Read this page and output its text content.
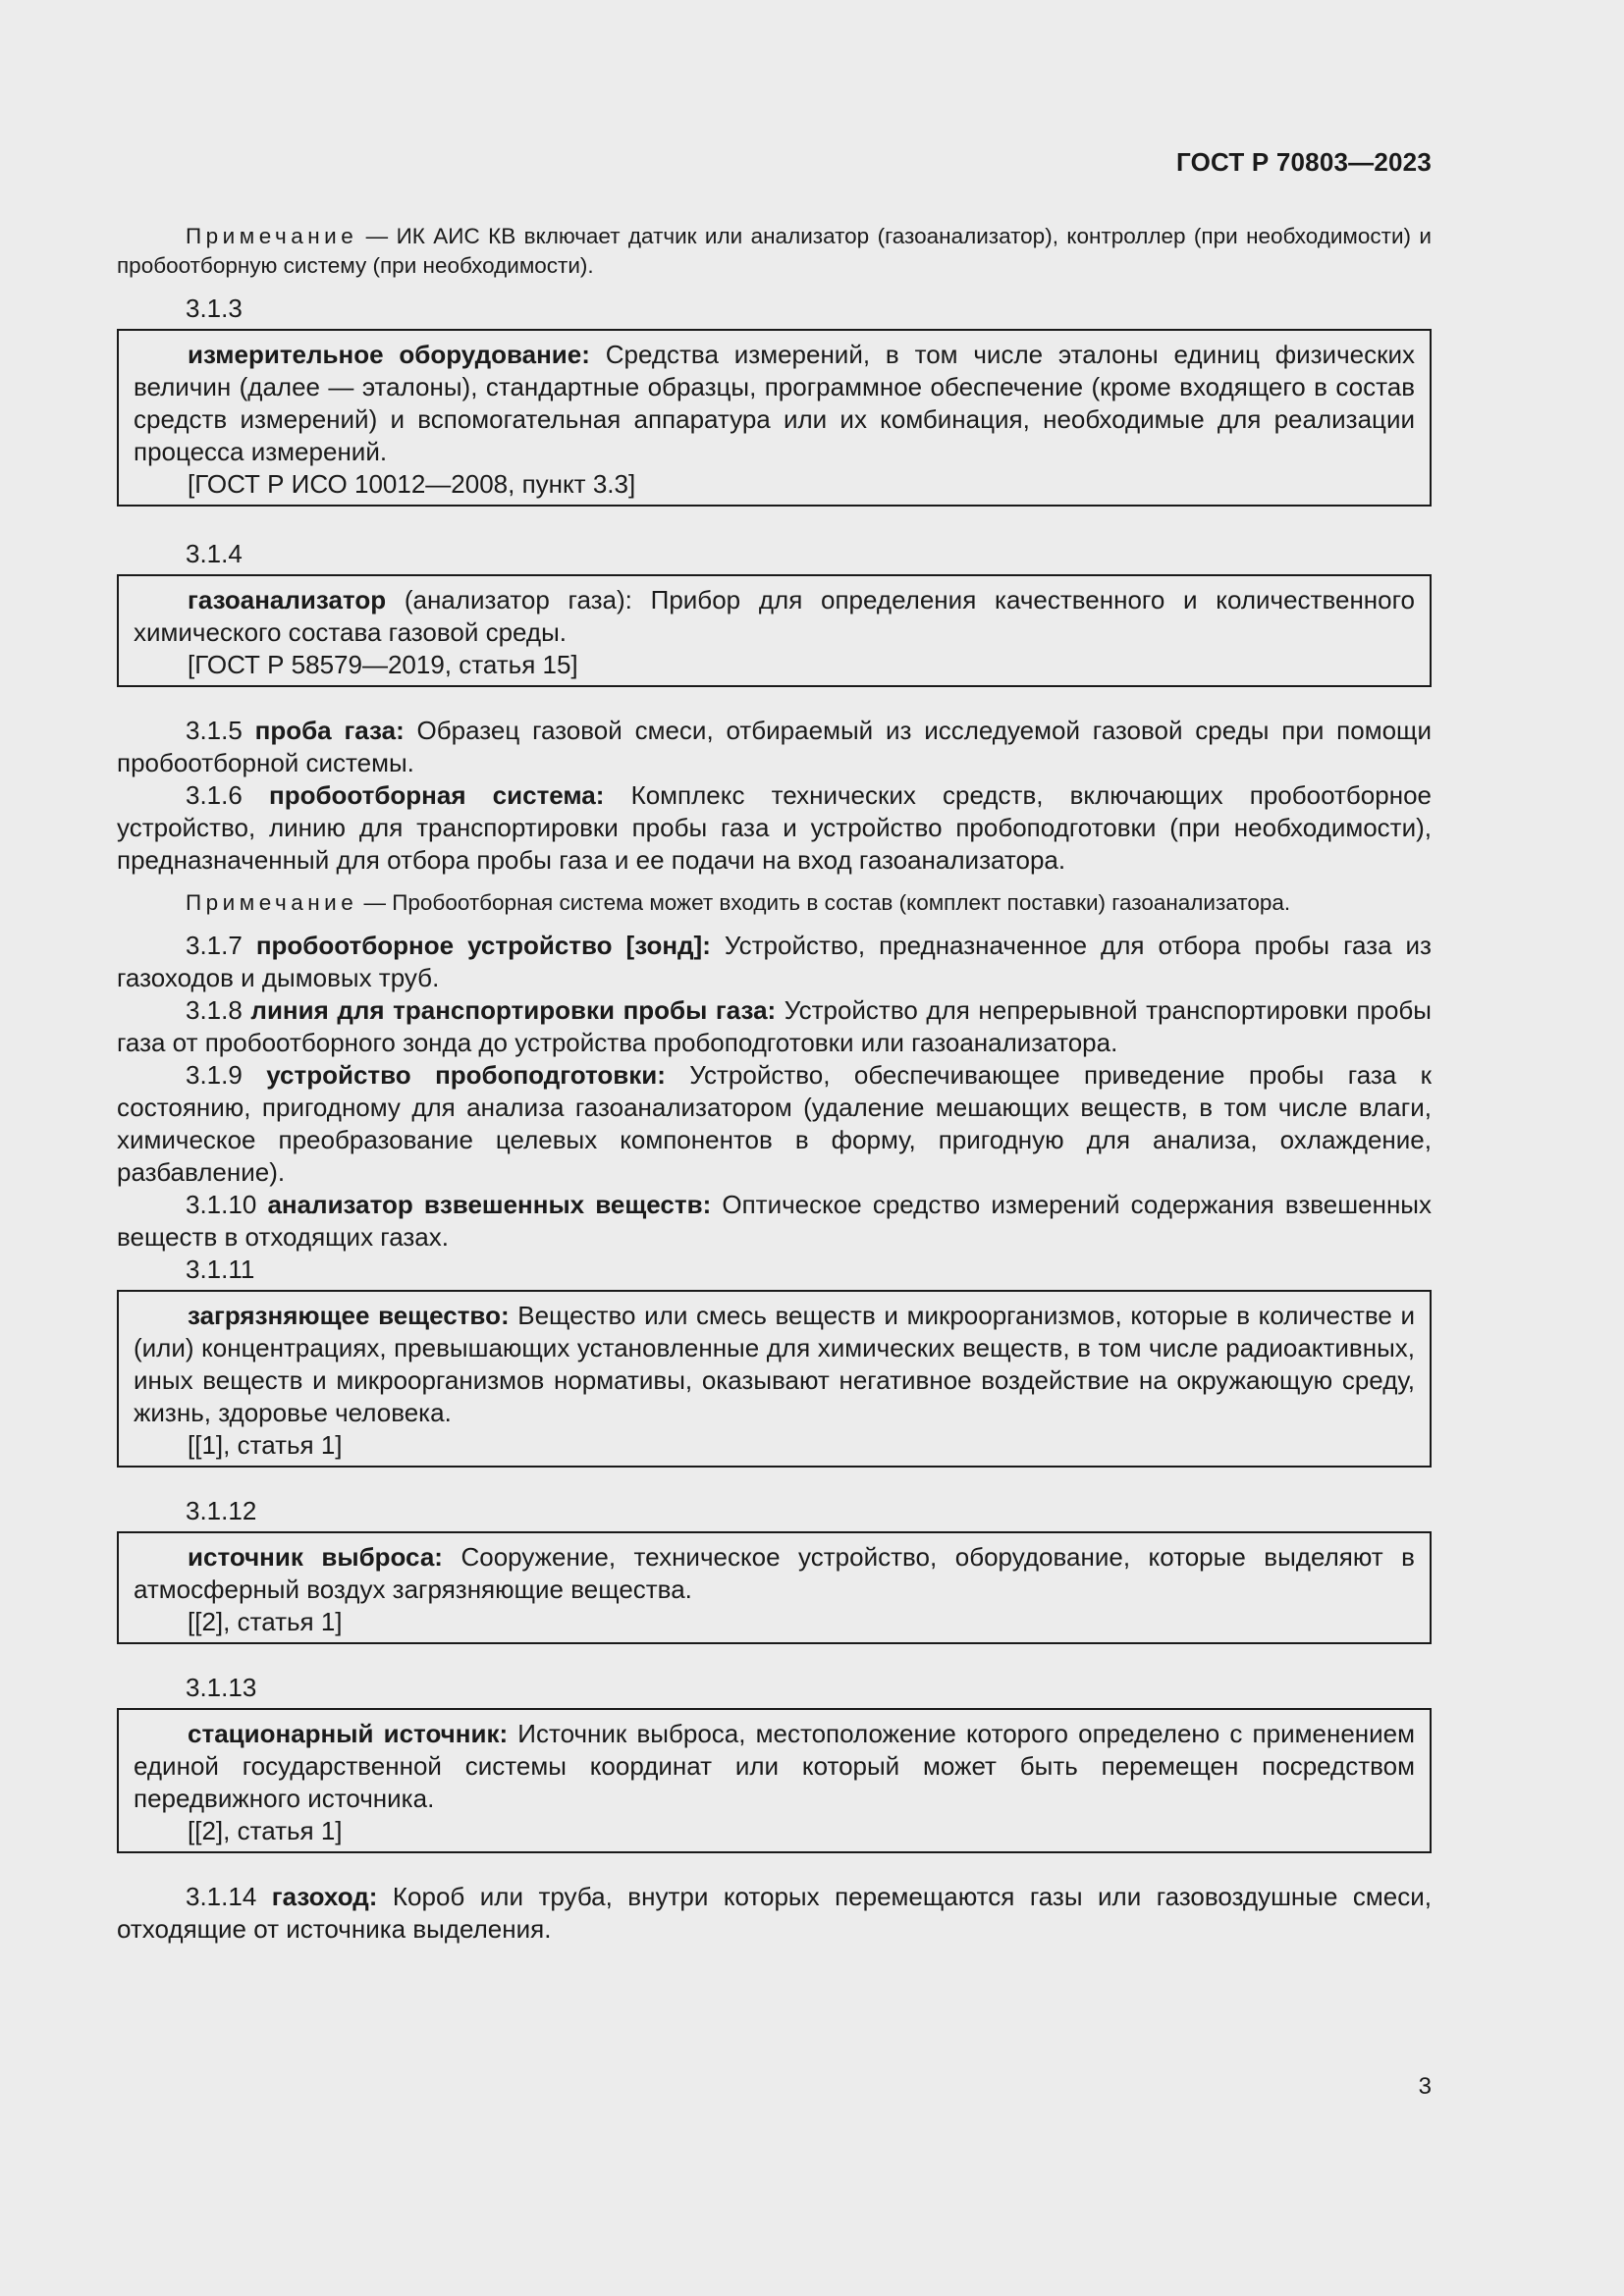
ГОСТ Р 70803—2023
Примечание — ИК АИС КВ включает датчик или анализатор (газоанализатор), контроллер (при необходимости) и пробоотборную систему (при необходимости).
3.1.3

измерительное оборудование: Средства измерений, в том числе эталоны единиц физических величин (далее — эталоны), стандартные образцы, программное обеспечение (кроме входящего в состав средств измерений) и вспомогательная аппаратура или их комбинация, необходимые для реализации процесса измерений.

[ГОСТ Р ИСО 10012—2008, пункт 3.3]
3.1.4

газоанализатор (анализатор газа): Прибор для определения качественного и количественного химического состава газовой среды.

[ГОСТ Р 58579—2019, статья 15]

3.1.5 проба газа: Образец газовой смеси, отбираемый из исследуемой газовой среды при помощи пробоотборной системы.

3.1.6 пробоотборная система: Комплекс технических средств, включающих пробоотборное устройство, линию для транспортировки пробы газа и устройство пробоподготовки (при необходимости), предназначенный для отбора пробы газа и ее подачи на вход газоанализатора.

Примечание — Пробоотборная система может входить в состав (комплект поставки) газоанализатора.

3.1.7 пробоотборное устройство [зонд]: Устройство, предназначенное для отбора пробы газа из газоходов и дымовых труб.

3.1.8 линия для транспортировки пробы газа: Устройство для непрерывной транспортировки пробы газа от пробоотборного зонда до устройства пробоподготовки или газоанализатора.

3.1.9 устройство пробоподготовки: Устройство, обеспечивающее приведение пробы газа к состоянию, пригодному для анализа газоанализатором (удаление мешающих веществ, в том числе влаги, химическое преобразование целевых компонентов в форму, пригодную для анализа, охлаждение, разбавление).

3.1.10 анализатор взвешенных веществ: Оптическое средство измерений содержания взвешенных веществ в отходящих газах.

3.1.11

загрязняющее вещество: Вещество или смесь веществ и микроорганизмов, которые в количестве и (или) концентрациях, превышающих установленные для химических веществ, в том числе радиоактивных, иных веществ и микроорганизмов нормативы, оказывают негативное воздействие на окружающую среду, жизнь, здоровье человека.

[[1], статья 1]
3.1.12

источник выброса: Сооружение, техническое устройство, оборудование, которые выделяют в атмосферный воздух загрязняющие вещества.

[[2], статья 1]
3.1.13

стационарный источник: Источник выброса, местоположение которого определено с применением единой государственной системы координат или который может быть перемещен посредством передвижного источника.

[[2], статья 1]

3.1.14 газоход: Короб или труба, внутри которых перемещаются газы или газовоздушные смеси, отходящие от источника выделения.

3
